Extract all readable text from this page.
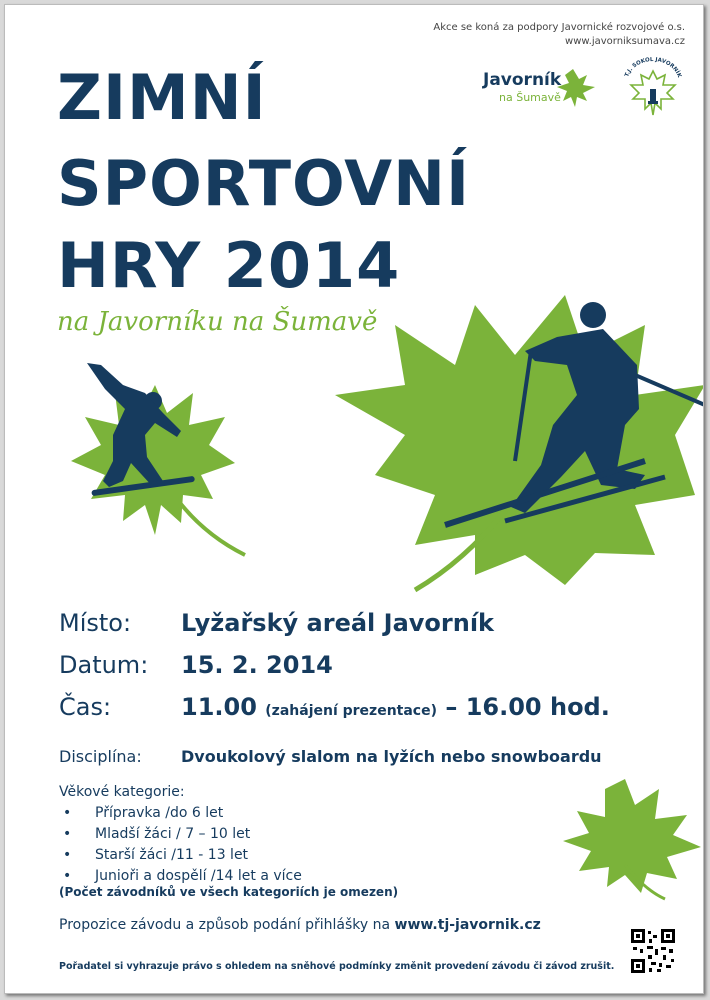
Akce se koná za podpory Javornické rozvojové o.s.
www.javorniksumava.cz
Javorník
na Šumavě
T.J. SOKOL JAVORNÍK
ZIMNÍ
SPORTOVNÍ
HRY 2014
na Javorníku na Šumavě
Místo: Lyžařský areál Javorník
Datum: 15. 2. 2014
Čas:	11.00 (zahájení prezentace) – 16.00 hod.
Disciplína: Dvoukolový slalom na lyžích nebo snowboardu
Věkové kategorie:
• Přípravka /do 6 let
• Mladší žáci / 7 – 10 let
• Starší žáci /11 - 13 let
• Junioři a dospělí /14 let a více
(Počet závodníků ve všech kategoriích je omezen)
Propozice závodu a způsob podání přihlášky na www.tj-javornik.cz
Pořadatel si vyhrazuje právo s ohledem na sněhové podmínky změnit provedení závodu či závod zrušit.
